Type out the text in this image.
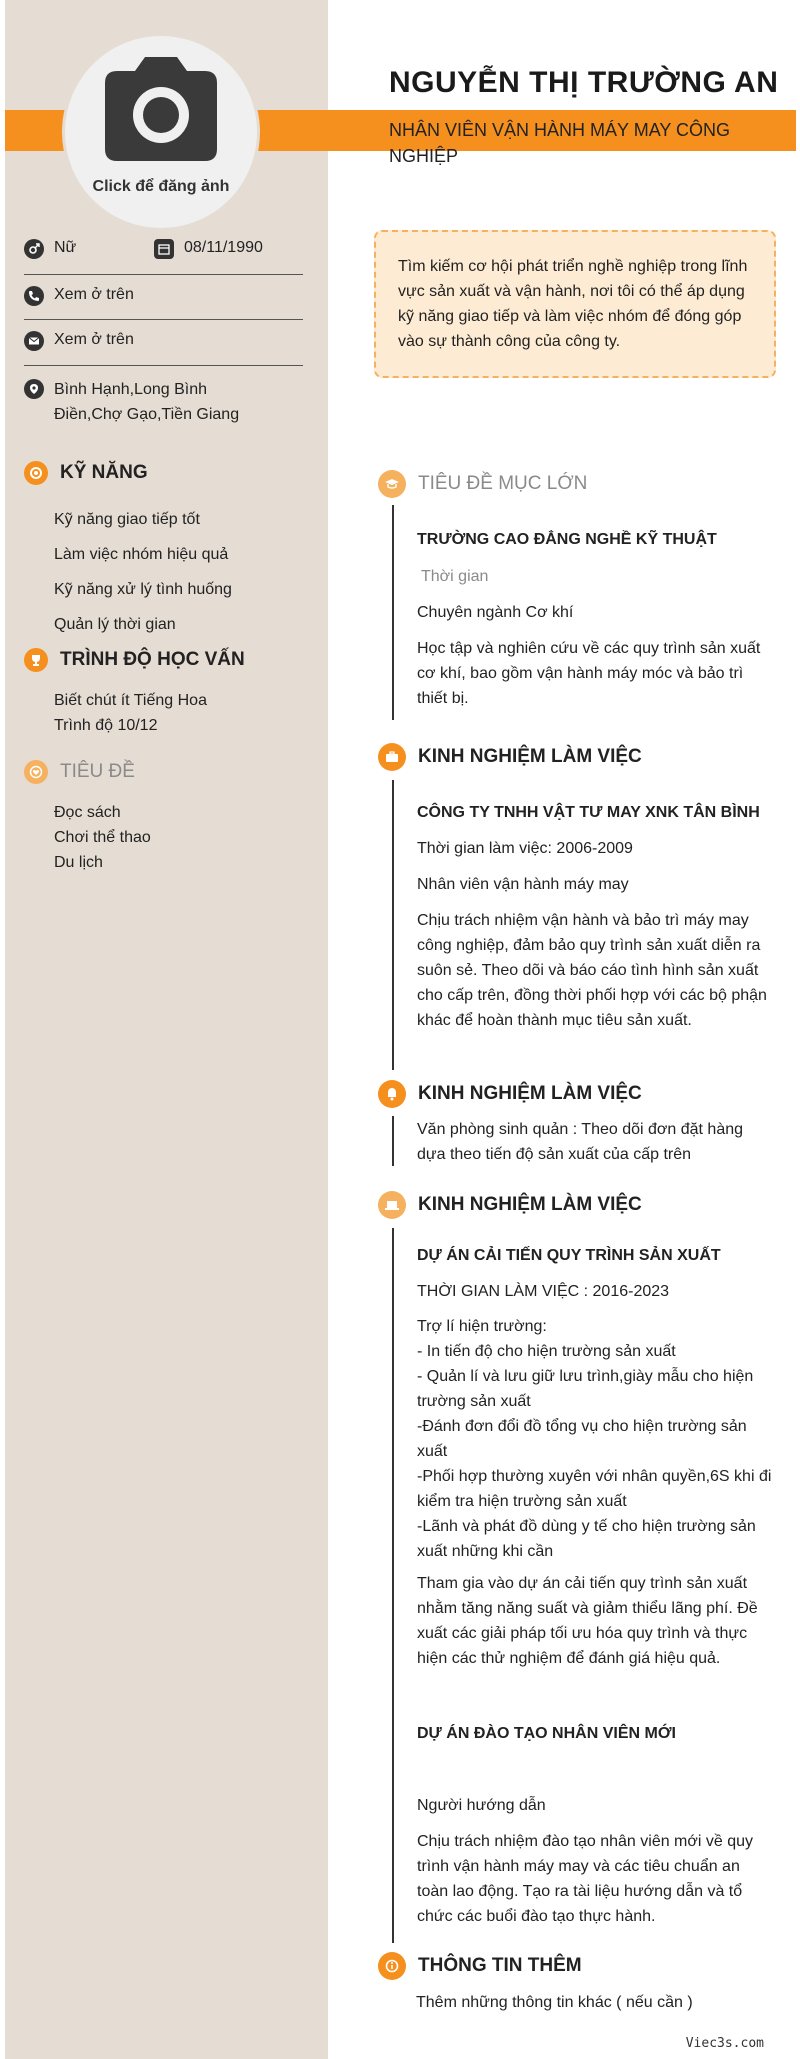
Click để đăng ảnh
NGUYỄN THỊ TRƯỜNG AN
NHÂN VIÊN VẬN HÀNH MÁY MAY CÔNG NGHIỆP
Nữ	08/11/1990
Xem ở trên
Xem ở trên
Bình Hạnh,Long Bình Điền,Chợ Gạo,Tiền Giang
KỸ NĂNG
Kỹ năng giao tiếp tốt
Làm việc nhóm hiệu quả
Kỹ năng xử lý tình huống
Quản lý thời gian
TRÌNH ĐỘ HỌC VẤN
Biết chút ít Tiếng Hoa
Trình độ 10/12
TIÊU ĐỀ
Đọc sách
Chơi thể thao
Du lịch
Tìm kiếm cơ hội phát triển nghề nghiệp trong lĩnh vực sản xuất và vận hành, nơi tôi có thể áp dụng kỹ năng giao tiếp và làm việc nhóm để đóng góp vào sự thành công của công ty.
TIÊU ĐỀ MỤC LỚN
TRƯỜNG CAO ĐẲNG NGHỀ KỸ THUẬT
Thời gian
Chuyên ngành Cơ khí
Học tập và nghiên cứu về các quy trình sản xuất cơ khí, bao gồm vận hành máy móc và bảo trì thiết bị.
KINH NGHIỆM LÀM VIỆC
CÔNG TY TNHH VẬT TƯ MAY XNK TÂN BÌNH
Thời gian làm việc: 2006-2009
Nhân viên vận hành máy may
Chịu trách nhiệm vận hành và bảo trì máy may công nghiệp, đảm bảo quy trình sản xuất diễn ra suôn sẻ. Theo dõi và báo cáo tình hình sản xuất cho cấp trên, đồng thời phối hợp với các bộ phận khác để hoàn thành mục tiêu sản xuất.
KINH NGHIỆM LÀM VIỆC
Văn phòng sinh quản : Theo dõi đơn đặt hàng dựa theo tiến độ sản xuất của cấp trên
KINH NGHIỆM LÀM VIỆC
DỰ ÁN CẢI TIẾN QUY TRÌNH SẢN XUẤT
THỜI GIAN LÀM VIỆC : 2016-2023
Trợ lí hiện trường:
- In tiến độ cho hiện trường sản xuất
- Quản lí và lưu giữ lưu trình,giày mẫu cho hiện trường sản xuất
-Đánh đơn đổi đồ tổng vụ cho hiện trường sản xuất
-Phối hợp thường xuyên với nhân quyền,6S khi đi kiểm tra hiện trường sản xuất
-Lãnh và phát đồ dùng y tế cho hiện trường sản xuất những khi cần
Tham gia vào dự án cải tiến quy trình sản xuất nhằm tăng năng suất và giảm thiểu lãng phí. Đề xuất các giải pháp tối ưu hóa quy trình và thực hiện các thử nghiệm để đánh giá hiệu quả.
DỰ ÁN ĐÀO TẠO NHÂN VIÊN MỚI
Người hướng dẫn
Chịu trách nhiệm đào tạo nhân viên mới về quy trình vận hành máy may và các tiêu chuẩn an toàn lao động. Tạo ra tài liệu hướng dẫn và tổ chức các buổi đào tạo thực hành.
THÔNG TIN THÊM
Thêm những thông tin khác ( nếu cần )
Viec3s.com
